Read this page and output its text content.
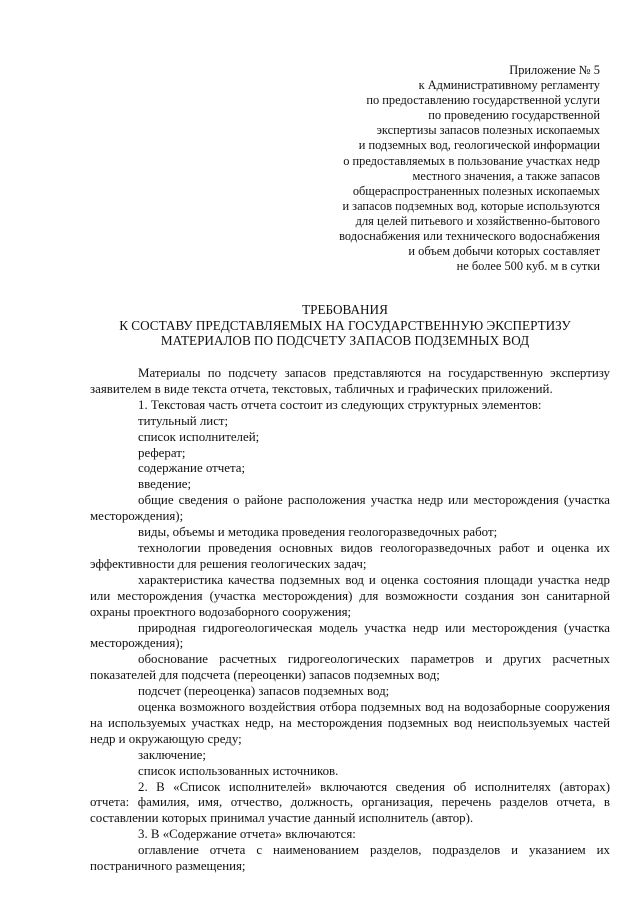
Приложение № 5
к Административному регламенту
по предоставлению государственной услуги
по проведению государственной
экспертизы запасов полезных ископаемых
и подземных вод, геологической информации
о предоставляемых в пользование участках недр
местного значения, а также запасов
общераспространенных полезных ископаемых
и запасов подземных вод, которые используются
для целей питьевого и хозяйственно-бытового
водоснабжения или технического водоснабжения
и объем добычи которых составляет
не более 500 куб. м в сутки
ТРЕБОВАНИЯ
К СОСТАВУ ПРЕДСТАВЛЯЕМЫХ НА ГОСУДАРСТВЕННУЮ ЭКСПЕРТИЗУ
МАТЕРИАЛОВ ПО ПОДСЧЕТУ ЗАПАСОВ ПОДЗЕМНЫХ ВОД

Материалы по подсчету запасов представляются на государственную экспертизу заявителем в виде текста отчета, текстовых, табличных и графических приложений.

1. Текстовая часть отчета состоит из следующих структурных элементов:

титульный лист;

список исполнителей;

реферат;

содержание отчета;

введение;

общие сведения о районе расположения участка недр или месторождения (участка месторождения);

виды, объемы и методика проведения геологоразведочных работ;

технологии проведения основных видов геологоразведочных работ и оценка их эффективности для решения геологических задач;

характеристика качества подземных вод и оценка состояния площади участка недр или месторождения (участка месторождения) для возможности создания зон санитарной охраны проектного водозаборного сооружения;

природная гидрогеологическая модель участка недр или месторождения (участка месторождения);

обоснование расчетных гидрогеологических параметров и других расчетных показателей для подсчета (переоценки) запасов подземных вод;

подсчет (переоценка) запасов подземных вод;

оценка возможного воздействия отбора подземных вод на водозаборные сооружения на используемых участках недр, на месторождения подземных вод неиспользуемых частей недр и окружающую среду;

заключение;

список использованных источников.

2. В «Список исполнителей» включаются сведения об исполнителях (авторах) отчета: фамилия, имя, отчество, должность, организация, перечень разделов отчета, в составлении которых принимал участие данный исполнитель (автор).

3. В «Содержание отчета» включаются:

оглавление отчета с наименованием разделов, подразделов и указанием их постраничного размещения;
